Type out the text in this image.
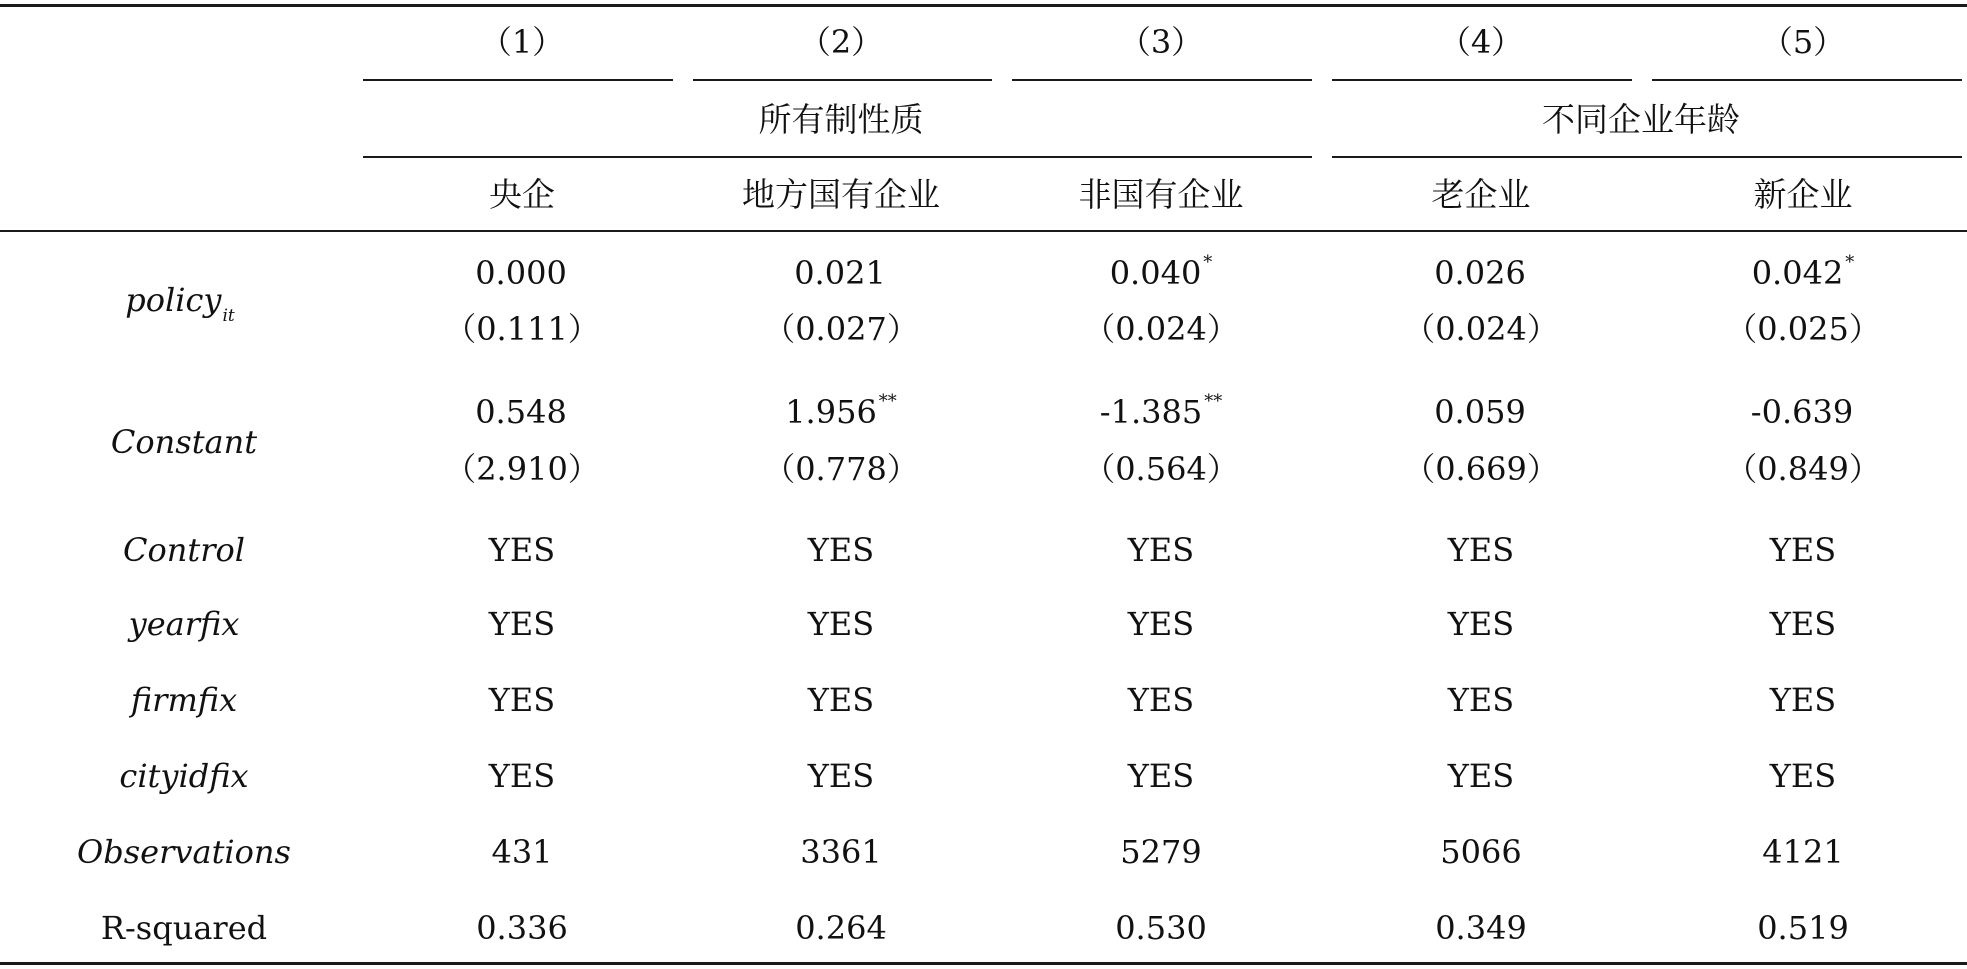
（1）	（2）	（3）	（4）	（5）
所有制性质	不同企业年龄
央企	地方国有企业	非国有企业	老企业	新企业
policy$_{it}$
0.000	0.021	0.040 *	0.026	0.042 *
（0.111）	（0.027）	（0.024）	（0.024）	（0.025）
Constant
0.548	1.956 **	-1.385 **	0.059	-0.639
（2.910）	（0.778）	（0.564）	（0.669）	（0.849）
Control	YES	YES	YES	YES	YES
yearfix	YES	YES	YES	YES	YES
firmfix	YES	YES	YES	YES	YES
cityidfix	YES	YES	YES	YES	YES
Observations	431	3361	5279	5066	4121
R-squared	0.336	0.264	0.530	0.349	0.519
